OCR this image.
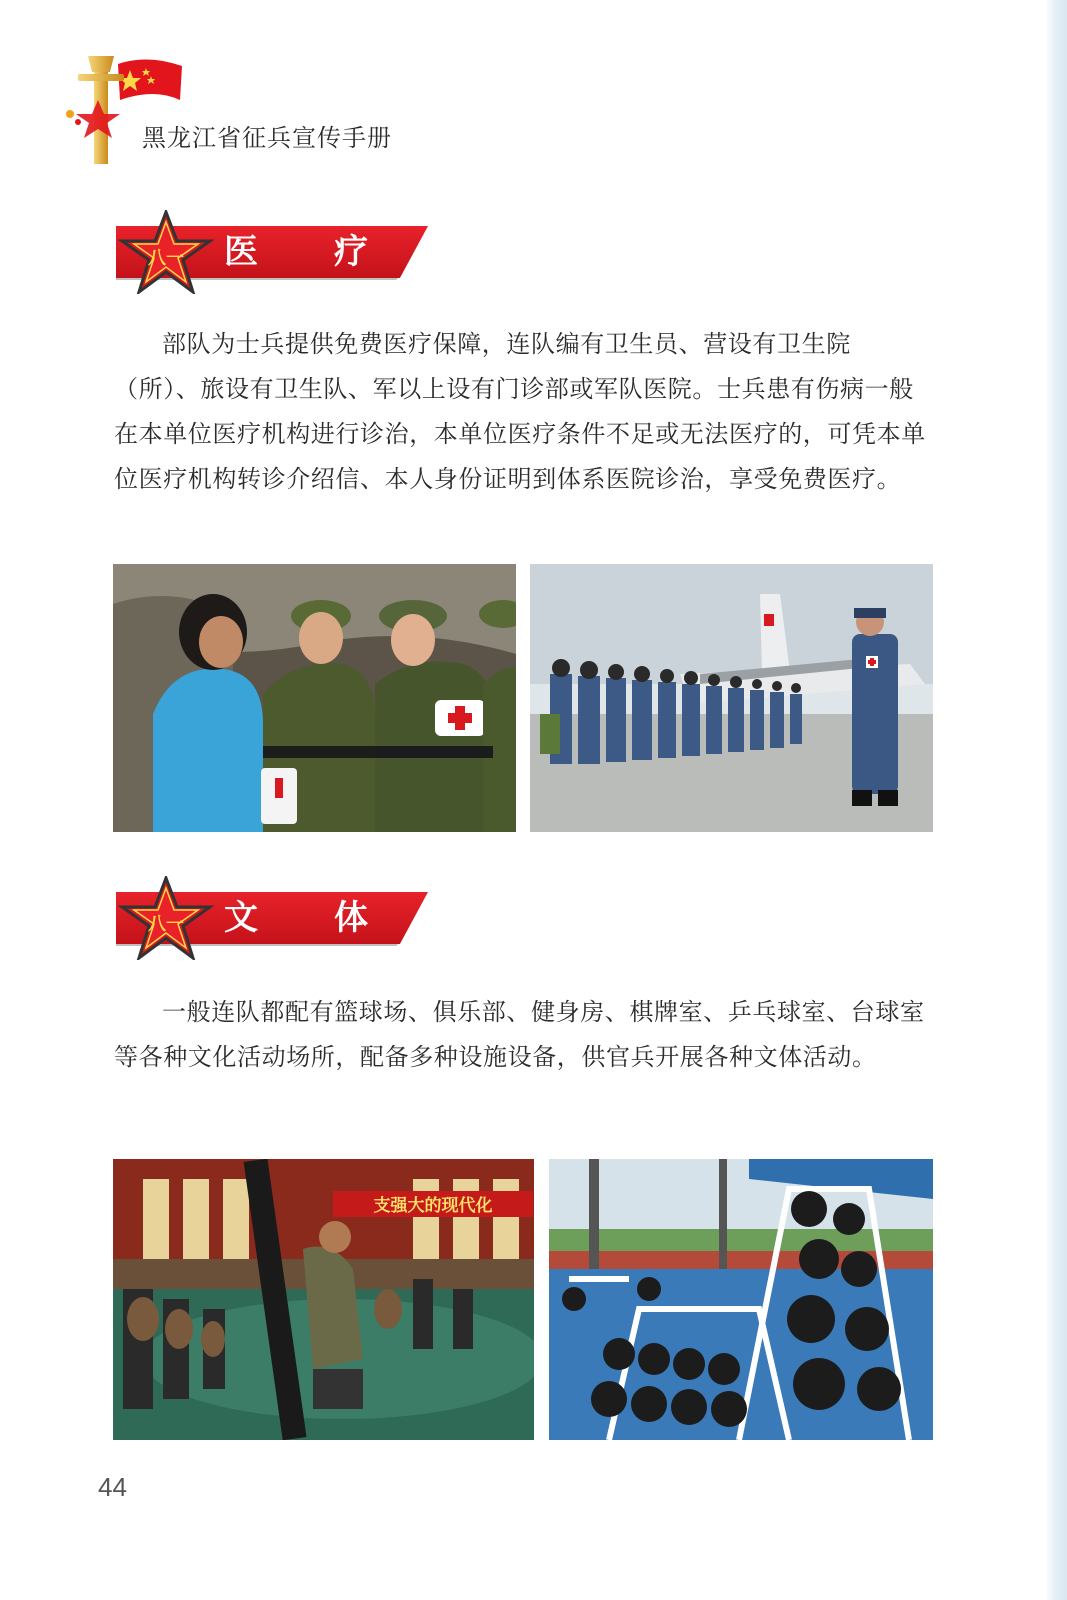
黑龙江省征兵宣传手册
八一 医 疗

部队为士兵提供免费医疗保障，连队编有卫生员、营设有卫生院（所）、旅设有卫生队、军以上设有门诊部或军队医院。士兵患有伤病一般在本单位医疗机构进行诊治，本单位医疗条件不足或无法医疗的，可凭本单位医疗机构转诊介绍信、本人身份证明到体系医院诊治，享受免费医疗。

八一 文 体

一般连队都配有篮球场、俱乐部、健身房、棋牌室、乒乓球室、台球室等各种文化活动场所，配备多种设施设备，供官兵开展各种文体活动。

支强大的现代化
44
